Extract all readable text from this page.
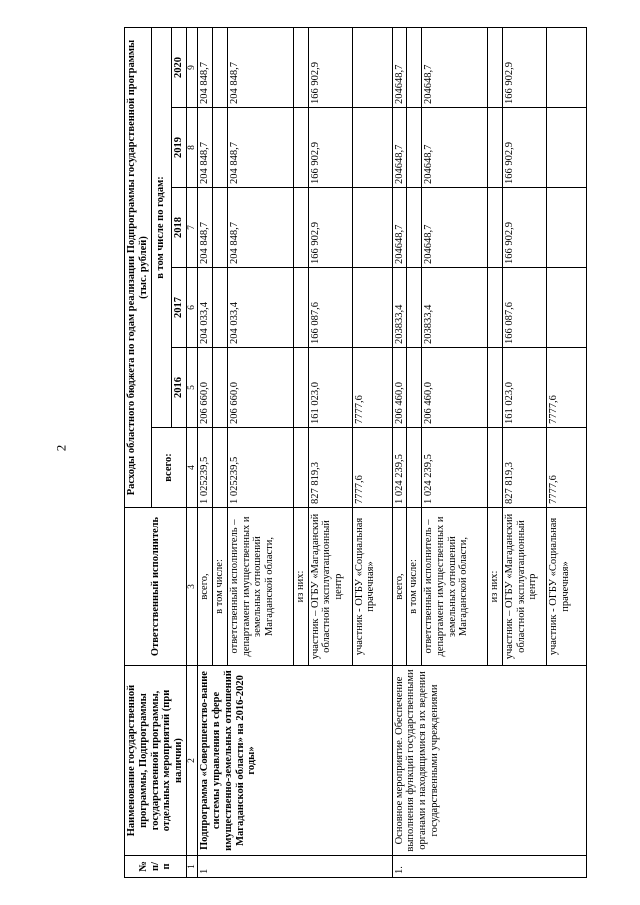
2
№ п/п	Наименование государственной программы, Подпрограммы государственной программы, отдельных мероприятий (при наличии)	Ответственный исполнитель	Расходы областного бюджета по годам реализации Подпрограммы государственной программы (тыс. рублей)					
			всего:	в том числе по годам:				
				2016	2017	2018	2019	2020
1	2	3	4	5	6	7	8	9
1	Подпрограмма «Совершенство-вание системы управления в сфере имущественно-земельных отношений Магаданской области» на 2016-2020 годы»	всего,	1 025239,5	206 660,0	204 033,4	204 848,7	204 848,7	204 848,7
		в том числе:						
		ответственный исполнитель – департамент имущественных и земельных отношений Магаданской области,	1 025239,5	206 660,0	204 033,4	204 848,7	204 848,7	204 848,7
		из них:						
		участник – ОГБУ «Магаданский областной эксплуатационный центр	827 819,3	161 023,0	166 087,6	166 902,9	166 902,9	166 902,9
		участник - ОГБУ «Социальная прачечная»	7777,6	7777,6				
1.	Основное мероприятие. Обеспечение выполнения функций государственными органами и находящимися в их ведении государственными учреждениями	всего,	1 024 239,5	206 460,0	203833,4	204648,7	204648,7	204648,7
		в том числе:						
		ответственный исполнитель – департамент имущественных и земельных отношений Магаданской области,	1 024 239,5	206 460,0	203833,4	204648,7	204648,7	204648,7
		из них:						
		участник – ОГБУ «Магаданский областной эксплуатационный центр	827 819,3	161 023,0	166 087,6	166 902,9	166 902,9	166 902,9
		участник - ОГБУ «Социальная прачечная»	7777,6	7777,6				
